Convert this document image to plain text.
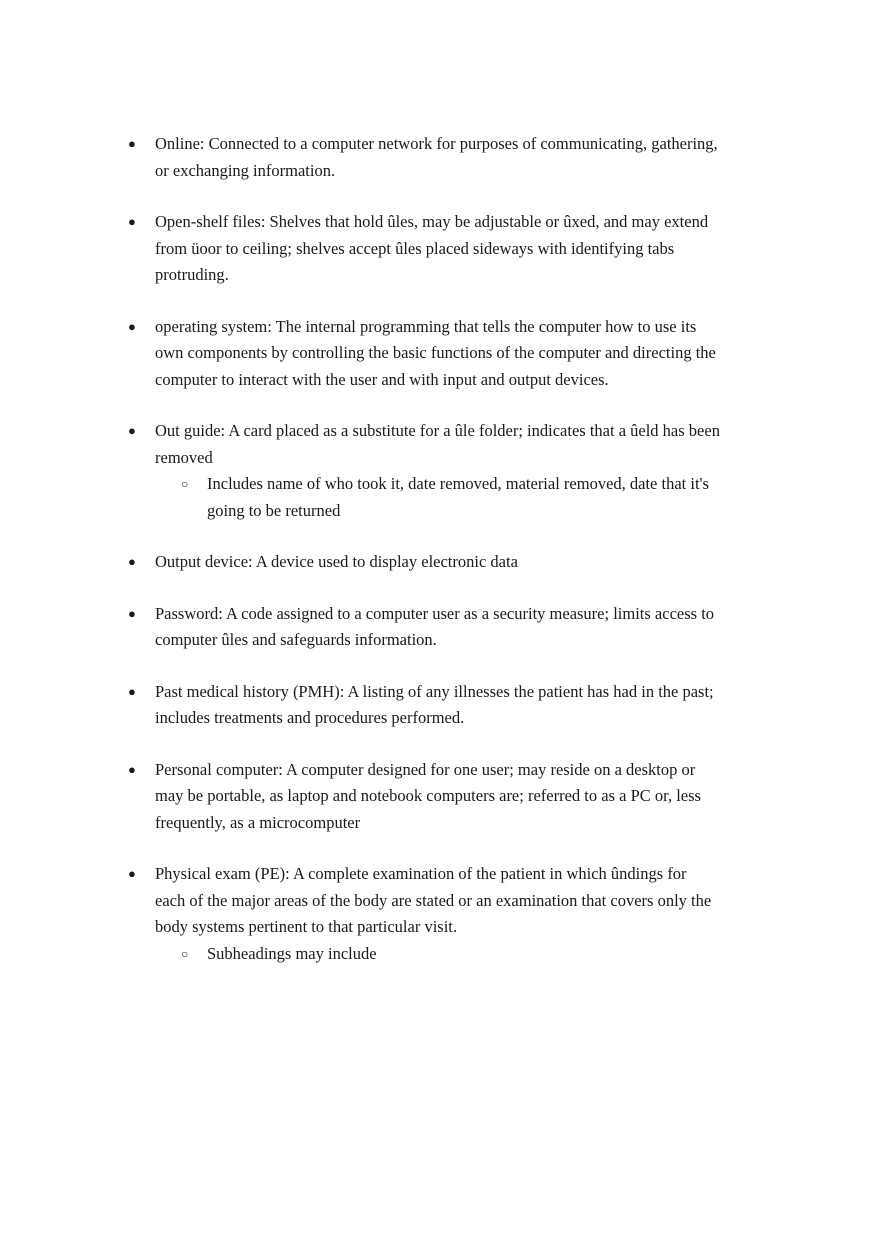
● Online: Connected to a computer network for purposes of communicating, gathering, or exchanging information.
● Open-shelf files: Shelves that hold ûles, may be adjustable or ûxed, and may extend from üoor to ceiling; shelves accept ûles placed sideways with identifying tabs protruding.
● operating system: The internal programming that tells the computer how to use its own components by controlling the basic functions of the computer and directing the computer to interact with the user and with input and output devices.
● Out guide: A card placed as a substitute for a ûle folder; indicates that a ûeld has been removed
○ Includes name of who took it, date removed, material removed, date that it's going to be returned
● Output device: A device used to display electronic data
● Password: A code assigned to a computer user as a security measure; limits access to computer ûles and safeguards information.
● Past medical history (PMH): A listing of any illnesses the patient has had in the past; includes treatments and procedures performed.
● Personal computer: A computer designed for one user; may reside on a desktop or may be portable, as laptop and notebook computers are; referred to as a PC or, less frequently, as a microcomputer
● Physical exam (PE): A complete examination of the patient in which ûndings for each of the major areas of the body are stated or an examination that covers only the body systems pertinent to that particular visit.
○ Subheadings may include
